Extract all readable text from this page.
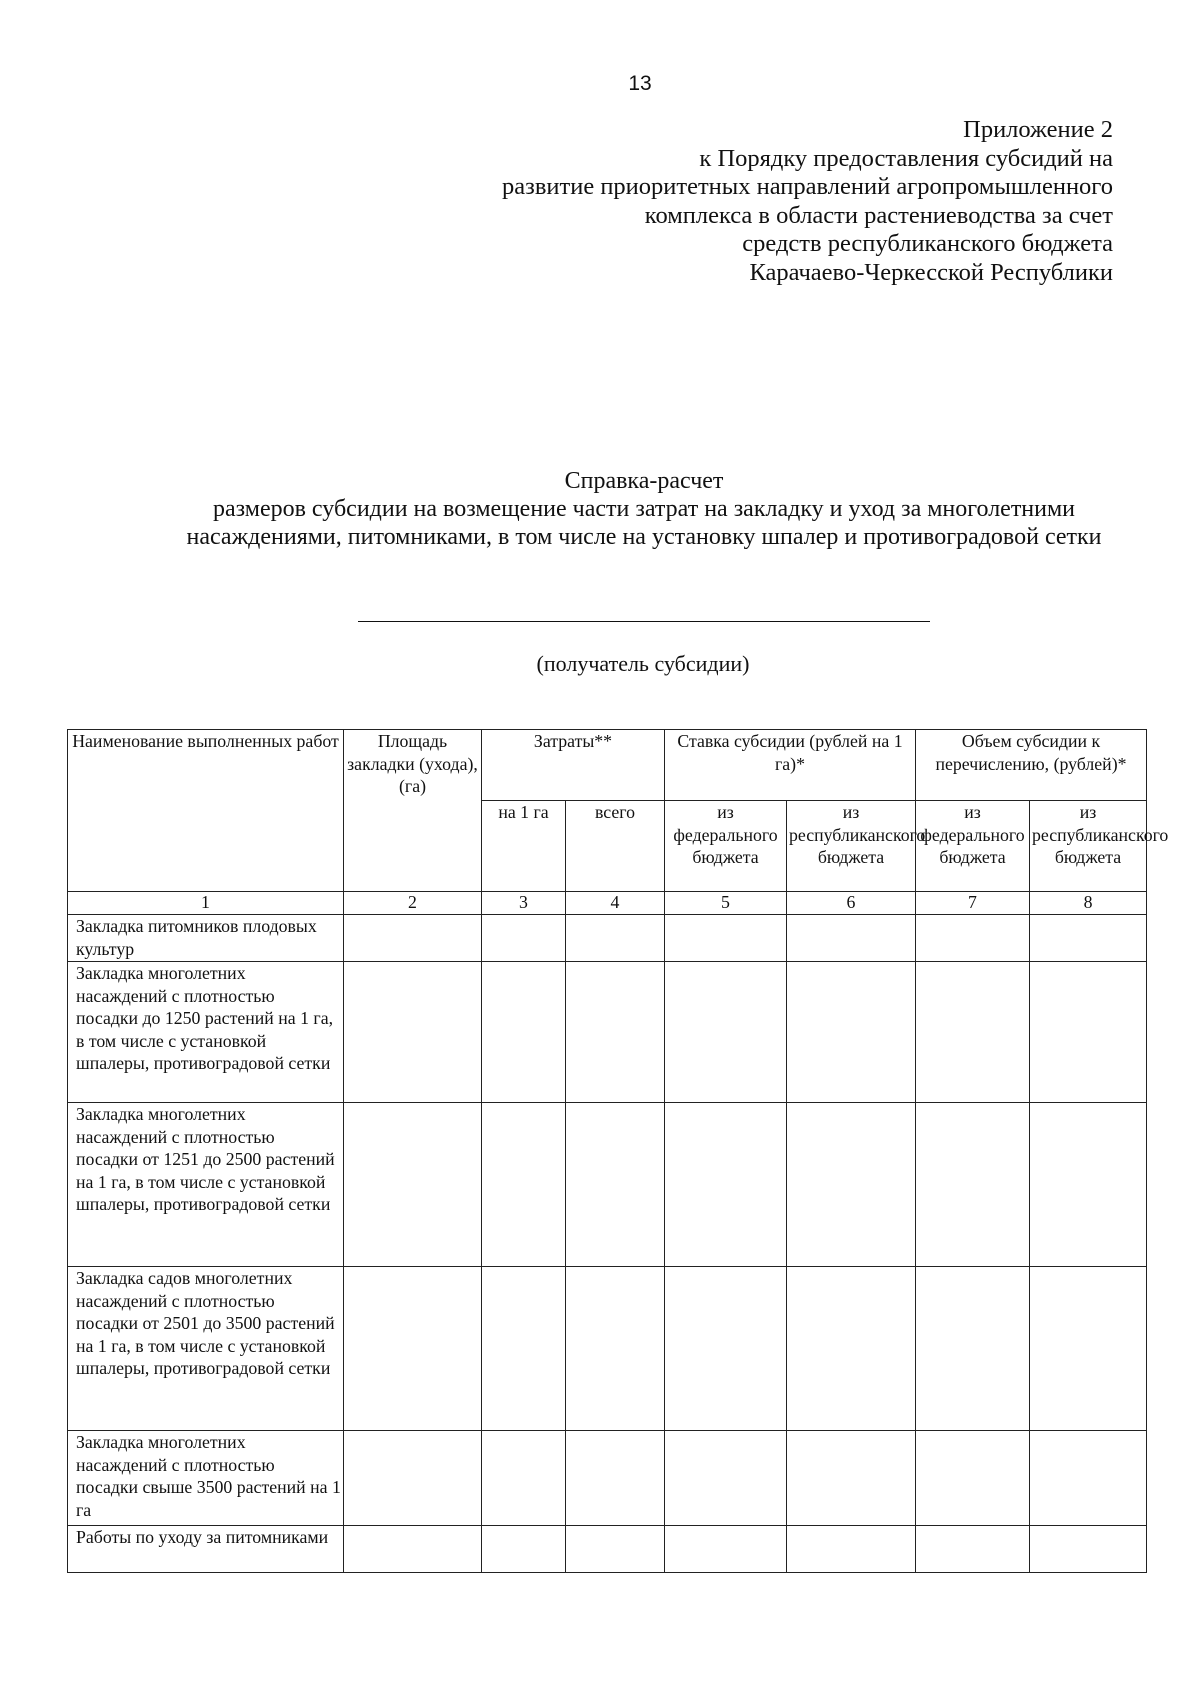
13
Приложение 2
к Порядку предоставления субсидий на
развитие приоритетных направлений агропромышленного
комплекса в области растениеводства за счет
средств республиканского бюджета
Карачаево-Черкесской Республики
Справка-расчет
размеров субсидии на возмещение части затрат на закладку и уход за многолетними
насаждениями, питомниками, в том числе на установку шпалер и противоградовой сетки
(получатель субсидии)
Наименование выполненных работ	Площадь закладки (ухода), (га)	Затраты**		Ставка субсидии (рублей на 1 га)*		Объем субсидии к перечислению, (рублей)*	
		на 1 га	всего	из федерального бюджета	из республиканского бюджета	из федерального бюджета	из республиканского бюджета
1	2	3	4	5	6	7	8
Закладка питомников плодовых культур							
Закладка многолетних насаждений с плотностью посадки до 1250 растений на 1 га, в том числе с установкой шпалеры, противоградовой сетки							
Закладка многолетних насаждений с плотностью посадки от 1251 до 2500 растений на 1 га, в том числе с установкой шпалеры, противоградовой сетки							
Закладка садов многолетних насаждений с плотностью посадки от 2501 до 3500 растений на 1 га, в том числе с установкой шпалеры, противоградовой сетки							
Закладка многолетних насаждений с плотностью посадки свыше 3500 растений на 1 га							
Работы по уходу за питомниками							
